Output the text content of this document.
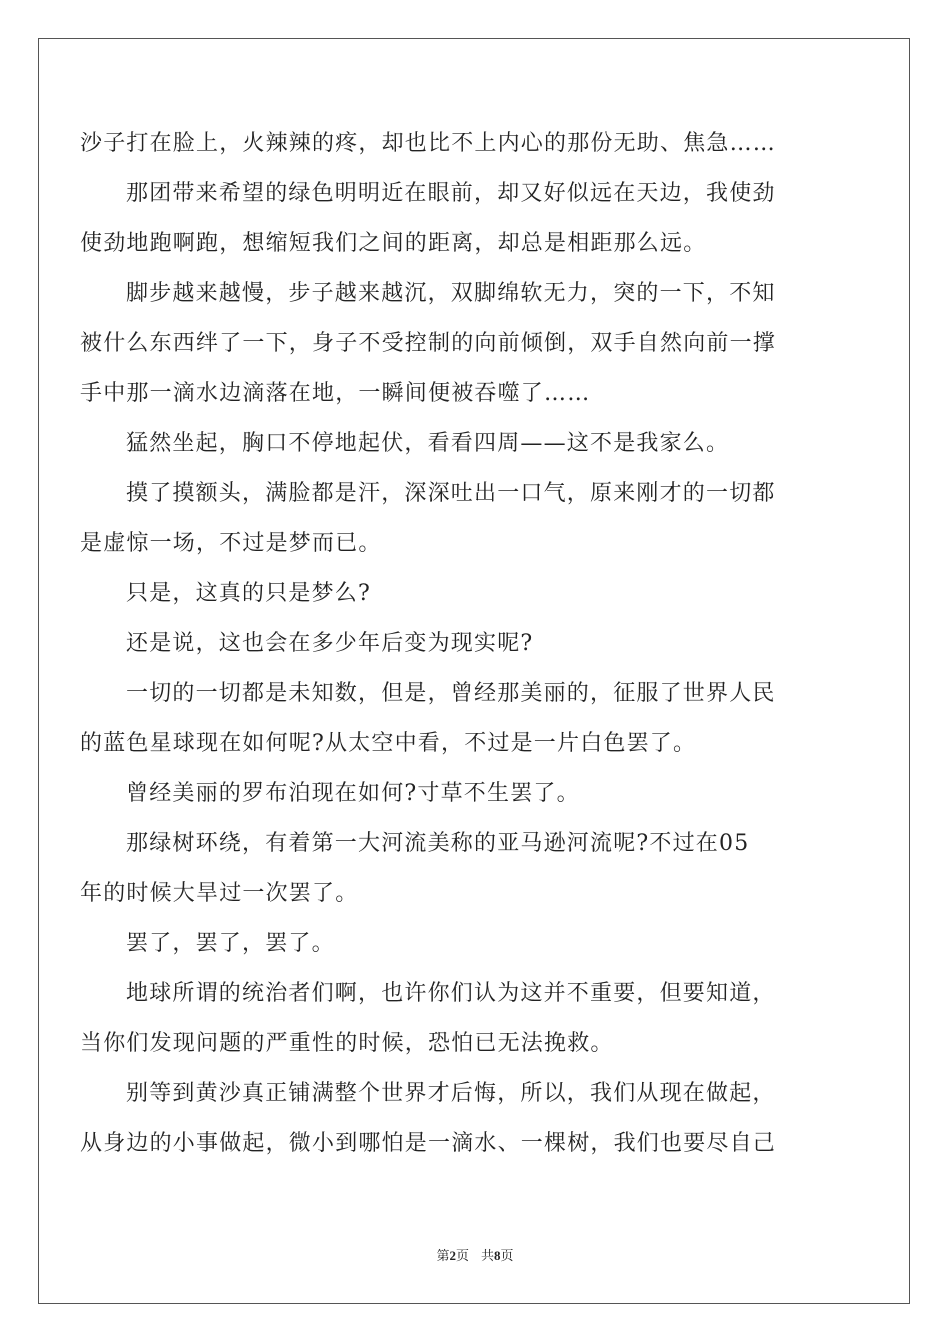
沙子打在脸上，火辣辣的疼，却也比不上内心的那份无助、焦急……
那团带来希望的绿色明明近在眼前，却又好似远在天边，我使劲
使劲地跑啊跑，想缩短我们之间的距离，却总是相距那么远。
脚步越来越慢，步子越来越沉，双脚绵软无力，突的一下，不知
被什么东西绊了一下，身子不受控制的向前倾倒，双手自然向前一撑
手中那一滴水边滴落在地，一瞬间便被吞噬了……
猛然坐起，胸口不停地起伏，看看四周——这不是我家么。
摸了摸额头，满脸都是汗，深深吐出一口气，原来刚才的一切都
是虚惊一场，不过是梦而已。
只是，这真的只是梦么?
还是说，这也会在多少年后变为现实呢?
一切的一切都是未知数，但是，曾经那美丽的，征服了世界人民
的蓝色星球现在如何呢?从太空中看，不过是一片白色罢了。
曾经美丽的罗布泊现在如何?寸草不生罢了。
那绿树环绕，有着第一大河流美称的亚马逊河流呢?不过在05
年的时候大旱过一次罢了。
罢了，罢了，罢了。
地球所谓的统治者们啊，也许你们认为这并不重要，但要知道，
当你们发现问题的严重性的时候，恐怕已无法挽救。
别等到黄沙真正铺满整个世界才后悔，所以，我们从现在做起，
从身边的小事做起，微小到哪怕是一滴水、一棵树，我们也要尽自己
第2页 共8页
